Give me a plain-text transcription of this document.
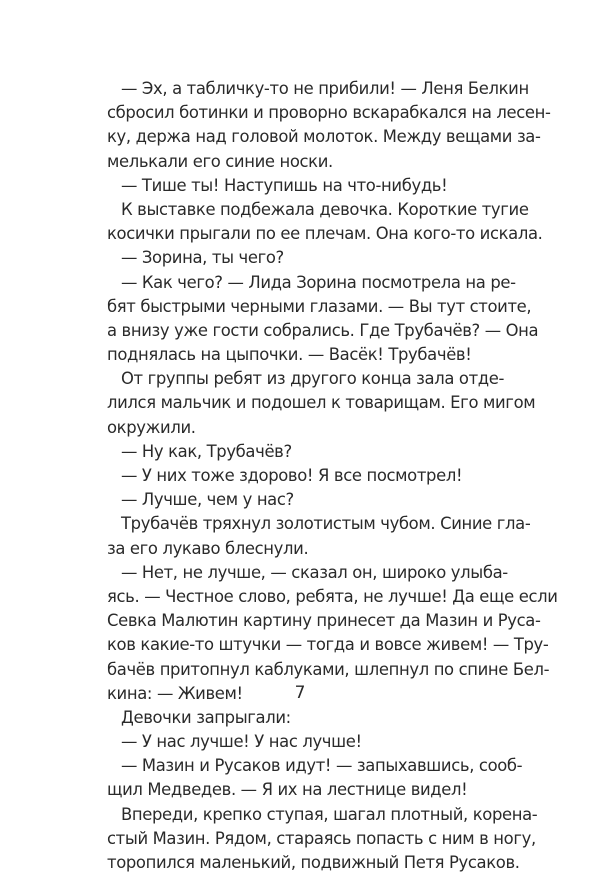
— Эх, а табличку-то не прибили! — Леня Белкин
сбросил ботинки и проворно вскарабкался на лесен-
ку, держа над головой молоток. Между вещами за-
мелькали его синие носки.
— Тише ты! Наступишь на что-нибудь!
К выставке подбежала девочка. Короткие тугие
косички прыгали по ее плечам. Она кого-то искала.
— Зорина, ты чего?
— Как чего? — Лида Зорина посмотрела на ре-
бят быстрыми черными глазами. — Вы тут стоите,
а внизу уже гости собрались. Где Трубачёв? — Она
поднялась на цыпочки. — Васёк! Трубачёв!
От группы ребят из другого конца зала отде-
лился мальчик и подошел к товарищам. Его мигом
окружили.
— Ну как, Трубачёв?
— У них тоже здорово! Я все посмотрел!
— Лучше, чем у нас?
Трубачёв тряхнул золотистым чубом. Синие гла-
за его лукаво блеснули.
— Нет, не лучше, — сказал он, широко улыба-
ясь. — Честное слово, ребята, не лучше! Да еще если
Севка Малютин картину принесет да Мазин и Руса-
ков какие-то штучки — тогда и вовсе живем! — Тру-
бачёв притопнул каблуками, шлепнул по спине Бел-
кина: — Живем!
Девочки запрыгали:
— У нас лучше! У нас лучше!
— Мазин и Русаков идут! — запыхавшись, сооб-
щил Медведев. — Я их на лестнице видел!
Впереди, крепко ступая, шагал плотный, корена-
стый Мазин. Рядом, стараясь попасть с ним в ногу,
торопился маленький, подвижный Петя Русаков.
7
